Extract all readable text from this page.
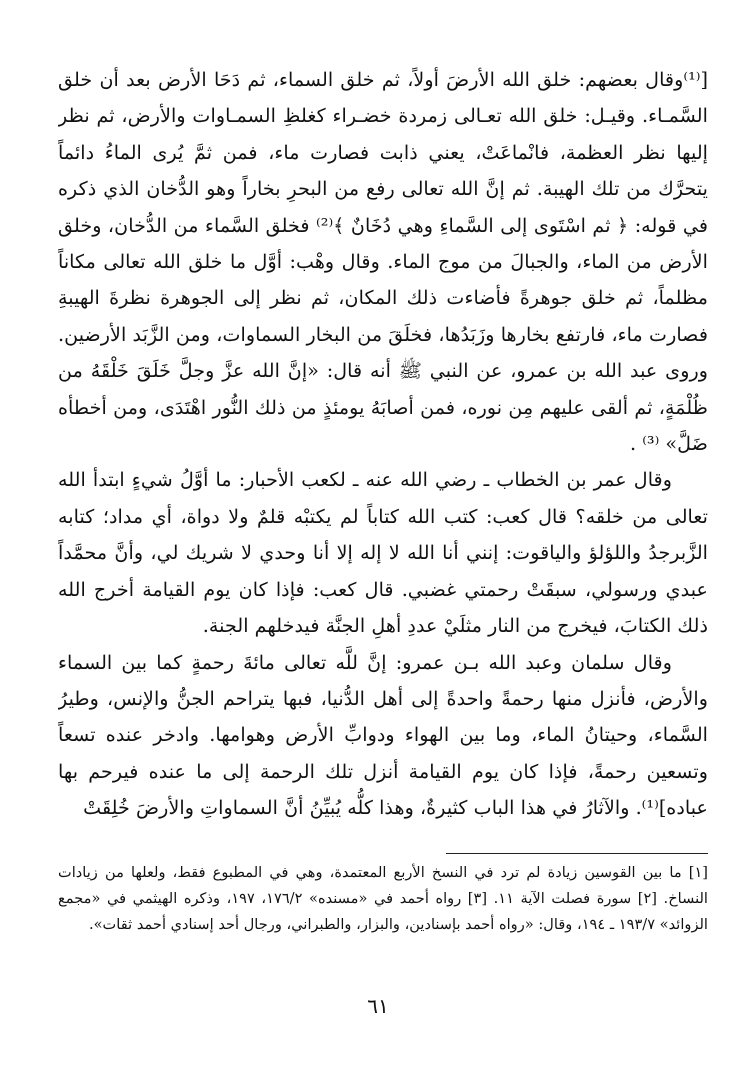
[⁽¹⁾وقال بعضهم: خلق الله الأرضَ أولاً، ثم خلق السماء، ثم دَحَا الأرض بعد أن خلق السَّمـاء. وقيـل: خلق الله تعـالى زمردة خضـراء كغلظِ السمـاوات والأرض، ثم نظر إليها نظر العظمة، فانْماعَتْ، يعني ذابت فصارت ماء، فمن ثمَّ يُرى الماءُ دائماً يتحرَّك من تلك الهيبة. ثم إنَّ الله تعالى رفع من البحرِ بخاراً وهو الدُّخان الذي ذكره في قوله: ﴿ ثم اسْتَوى إلى السَّماءِ وهي دُخَانٌ ﴾⁽²⁾ فخلق السَّماء من الدُّخان، وخلق الأرض من الماء، والجبالَ من موج الماء. وقال وهْب: أوَّل ما خلق الله تعالى مكاناً مظلماً، ثم خلق جوهرةً فأضاءت ذلك المكان، ثم نظر إلى الجوهرة نظرةَ الهيبةِ فصارت ماء، فارتفع بخارها وزَبَدُها، فخلَقَ من البخار السماوات، ومن الزَّبَد الأرضين. وروى عبد الله بن عمرو، عن النبي ﷺ أنه قال: «إنَّ الله عزَّ وجلَّ خَلَقَ خَلْقَهُ من ظُلْمَةٍ، ثم ألقى عليهم مِن نوره، فمن أصابَهُ يومئذٍ من ذلك النُّور اهْتَدَى، ومن أخطأه ضَلَّ» ⁽³⁾ .

وقال عمر بن الخطاب ـ رضي الله عنه ـ لكعب الأحبار: ما أوَّلُ شيءٍ ابتدأ الله تعالى من خلقه؟ قال كعب: كتب الله كتاباً لم يكتبْه قلمٌ ولا دواة، أي مداد؛ كتابه الزَّبرجدُ واللؤلؤ والياقوت: إنني أنا الله لا إله إلا أنا وحدي لا شريك لي، وأنَّ محمَّداً عبدي ورسولي، سبقَتْ رحمتي غضبي. قال كعب: فإذا كان يوم القيامة أخرج الله ذلك الكتابَ، فيخرج من النار مثلَيْ عددِ أهلِ الجنَّة فيدخلهم الجنة.

وقال سلمان وعبد الله بـن عمرو: إنَّ للَّه تعالى مائةَ رحمةٍ كما بين السماء والأرض، فأنزل منها رحمةً واحدةً إلى أهل الدُّنيا، فبها يتراحم الجنُّ والإنس، وطيرُ السَّماء، وحيتانُ الماء، وما بين الهواء ودوابِّ الأرض وهوامها. وادخر عنده تسعاً وتسعين رحمةً، فإذا كان يوم القيامة أنزل تلك الرحمة إلى ما عنده فيرحم بها عباده]⁽¹⁾. والآثارُ في هذا الباب كثيرةٌ، وهذا كلُّه يُبيِّنُ أنَّ السماواتِ والأرضَ خُلِقَتْ

[١] ما بين القوسين زيادة لم ترد في النسخ الأربع المعتمدة، وهي في المطبوع فقط، ولعلها من زيادات النساخ. [٢] سورة فصلت الآية ١١. [٣] رواه أحمد في «مسنده» ١٧٦/٢، ١٩٧، وذكره الهيثمي في «مجمع الزوائد» ١٩٣/٧ ـ ١٩٤، وقال: «رواه أحمد بإسنادين، والبزار، والطبراني، ورجال أحد إسنادي أحمد ثقات».

٦١
